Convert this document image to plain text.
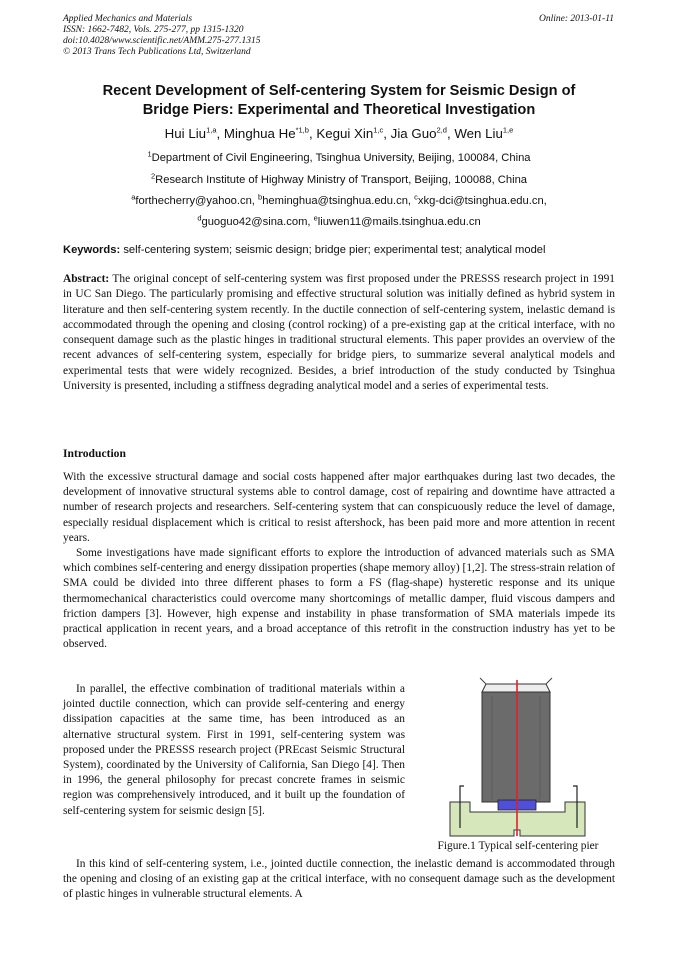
Applied Mechanics and Materials
ISSN: 1662-7482, Vols. 275-277, pp 1315-1320
doi:10.4028/www.scientific.net/AMM.275-277.1315
© 2013 Trans Tech Publications Ltd, Switzerland
Online: 2013-01-11
Recent Development of Self-centering System for Seismic Design of
Bridge Piers: Experimental and Theoretical Investigation
Hui Liu$^{1,a}$, Minghua He$^{*1,b}$, Kegui Xin$^{1,c}$, Jia Guo$^{2,d}$, Wen Liu$^{1,e}$
$^1$Department of Civil Engineering, Tsinghua University, Beijing, 100084, China
$^2$Research Institute of Highway Ministry of Transport, Beijing, 100088, China
$^a$forthecherry@yahoo.cn, $^b$heminghua@tsinghua.edu.cn, $^c$xkg-dci@tsinghua.edu.cn,
$^d$guoguo42@sina.com, $^e$liuwen11@mails.tsinghua.edu.cn
Keywords: self-centering system; seismic design; bridge pier; experimental test; analytical model

Abstract: The original concept of self-centering system was first proposed under the PRESSS research project in 1991 in UC San Diego. The particularly promising and effective structural solution was initially defined as hybrid system in literature and then self-centering system recently. In the ductile connection of self-centering system, inelastic demand is accommodated through the opening and closing (control rocking) of a pre-existing gap at the critical interface, with no consequent damage such as the plastic hinges in traditional structural elements. This paper provides an overview of the recent advances of self-centering system, especially for bridge piers, to summarize several analytical models and experimental tests that were widely recognized. Besides, a brief introduction of the study conducted by Tsinghua University is presented, including a stiffness degrading analytical model and a series of experimental tests.

Introduction

With the excessive structural damage and social costs happened after major earthquakes during last two decades, the development of innovative structural systems able to control damage, cost of repairing and downtime have attracted a number of research projects and researchers. Self-centering system that can conspicuously reduce the level of damage, especially residual displacement which is critical to resist aftershock, has been paid more and more attention in recent years.

Some investigations have made significant efforts to explore the introduction of advanced materials such as SMA which combines self-centering and energy dissipation properties (shape memory alloy) [1,2]. The stress-strain relation of SMA could be divided into three different phases to form a FS (flag-shape) hysteretic response and its unique thermomechanical characteristics could overcome many shortcomings of metallic damper, fluid viscous dampers and friction dampers [3]. However, high expense and instability in phase transformation of SMA materials impede its practical application in recent years, and a broad acceptance of this retrofit in the construction industry has yet to be observed.

In parallel, the effective combination of traditional materials within a jointed ductile connection, which can provide self-centering and energy dissipation capacities at the same time, has been introduced as an alternative structural system. First in 1991, self-centering system was proposed under the PRESSS research project (PREcast Seismic Structural System), coordinated by the University of California, San Diego [4]. Then in 1996, the general philosophy for precast concrete frames in seismic region was comprehensively introduced, and it built up the foundation of self-centering system for seismic design [5].

In this kind of self-centering system, i.e., jointed ductile connection, the inelastic demand is accommodated through the opening and closing of an existing gap at the critical interface, with no consequent damage such as the development of plastic hinges in vulnerable structural elements. A

Figure.1 Typical self-centering pier
